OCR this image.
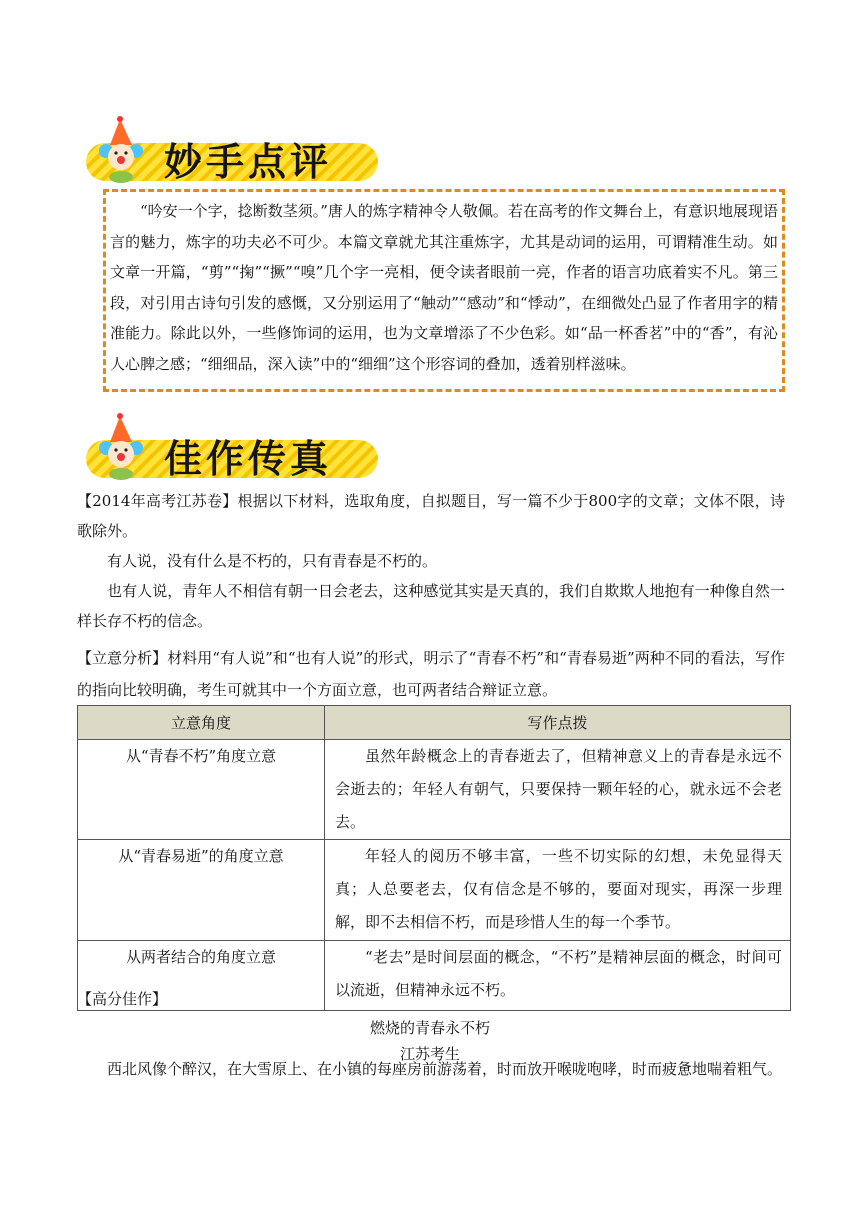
妙手点评

“吟安一个字，捻断数茎须。”唐人的炼字精神令人敬佩。若在高考的作文舞台上，有意识地展现语言的魅力，炼字的功夫必不可少。本篇文章就尤其注重炼字，尤其是动词的运用，可谓精准生动。如文章一开篇，“剪”“掬”“撅”“嗅”几个字一亮相，便令读者眼前一亮，作者的语言功底着实不凡。第三段，对引用古诗句引发的感慨，又分别运用了“触动”“感动”和“悸动”，在细微处凸显了作者用字的精准能力。除此以外，一些修饰词的运用，也为文章增添了不少色彩。如“品一杯香茗”中的“香”，有沁人心脾之感；“细细品，深入读”中的“细细”这个形容词的叠加，透着别样滋味。

佳作传真

【2014年高考江苏卷】根据以下材料，选取角度，自拟题目，写一篇不少于800字的文章；文体不限，诗歌除外。

有人说，没有什么是不朽的，只有青春是不朽的。

也有人说，青年人不相信有朝一日会老去，这种感觉其实是天真的，我们自欺欺人地抱有一种像自然一样长存不朽的信念。

【立意分析】材料用“有人说”和“也有人说”的形式，明示了“青春不朽”和“青春易逝”两种不同的看法，写作的指向比较明确，考生可就其中一个方面立意，也可两者结合辩证立意。

立意角度	写作点拨
从“青春不朽”角度立意	虽然年龄概念上的青春逝去了，但精神意义上的青春是永远不会逝去的；年轻人有朝气，只要保持一颗年轻的心，就永远不会老去。
从“青春易逝”的角度立意	年轻人的阅历不够丰富，一些不切实际的幻想，未免显得天真；人总要老去，仅有信念是不够的，要面对现实，再深一步理解，即不去相信不朽，而是珍惜人生的每一个季节。
从两者结合的角度立意	“老去”是时间层面的概念，“不朽”是精神层面的概念，时间可以流逝，但精神永远不朽。

【高分佳作】

燃烧的青春永不朽

江苏考生

西北风像个醉汉，在大雪原上、在小镇的每座房前游荡着，时而放开喉咙咆哮，时而疲惫地喘着粗气。
